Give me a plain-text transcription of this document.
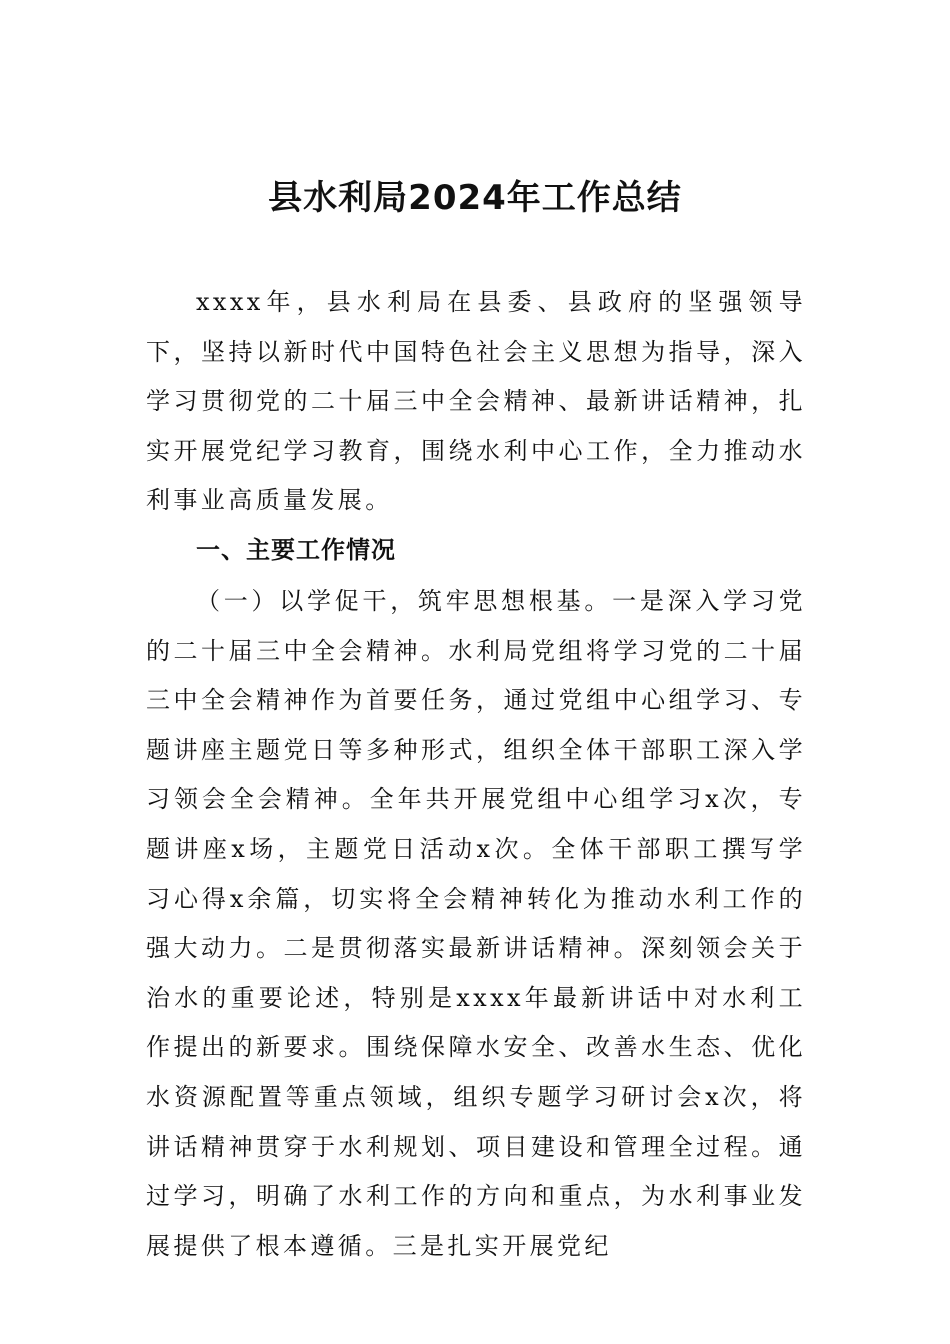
县水利局2024年工作总结

xxxx年，县水利局在县委、县政府的坚强领导下，坚持以新时代中国特色社会主义思想为指导，深入学习贯彻党的二十届三中全会精神、最新讲话精神，扎实开展党纪学习教育，围绕水利中心工作，全力推动水利事业高质量发展。

一、主要工作情况

（一）以学促干，筑牢思想根基。一是深入学习党的二十届三中全会精神。水利局党组将学习党的二十届三中全会精神作为首要任务，通过党组中心组学习、专题讲座主题党日等多种形式，组织全体干部职工深入学习领会全会精神。全年共开展党组中心组学习x次，专题讲座x场，主题党日活动x次。全体干部职工撰写学习心得x余篇，切实将全会精神转化为推动水利工作的强大动力。二是贯彻落实最新讲话精神。深刻领会关于治水的重要论述，特别是xxxx年最新讲话中对水利工作提出的新要求。围绕保障水安全、改善水生态、优化水资源配置等重点领域，组织专题学习研讨会x次，将讲话精神贯穿于水利规划、项目建设和管理全过程。通过学习，明确了水利工作的方向和重点，为水利事业发展提供了根本遵循。三是扎实开展党纪
